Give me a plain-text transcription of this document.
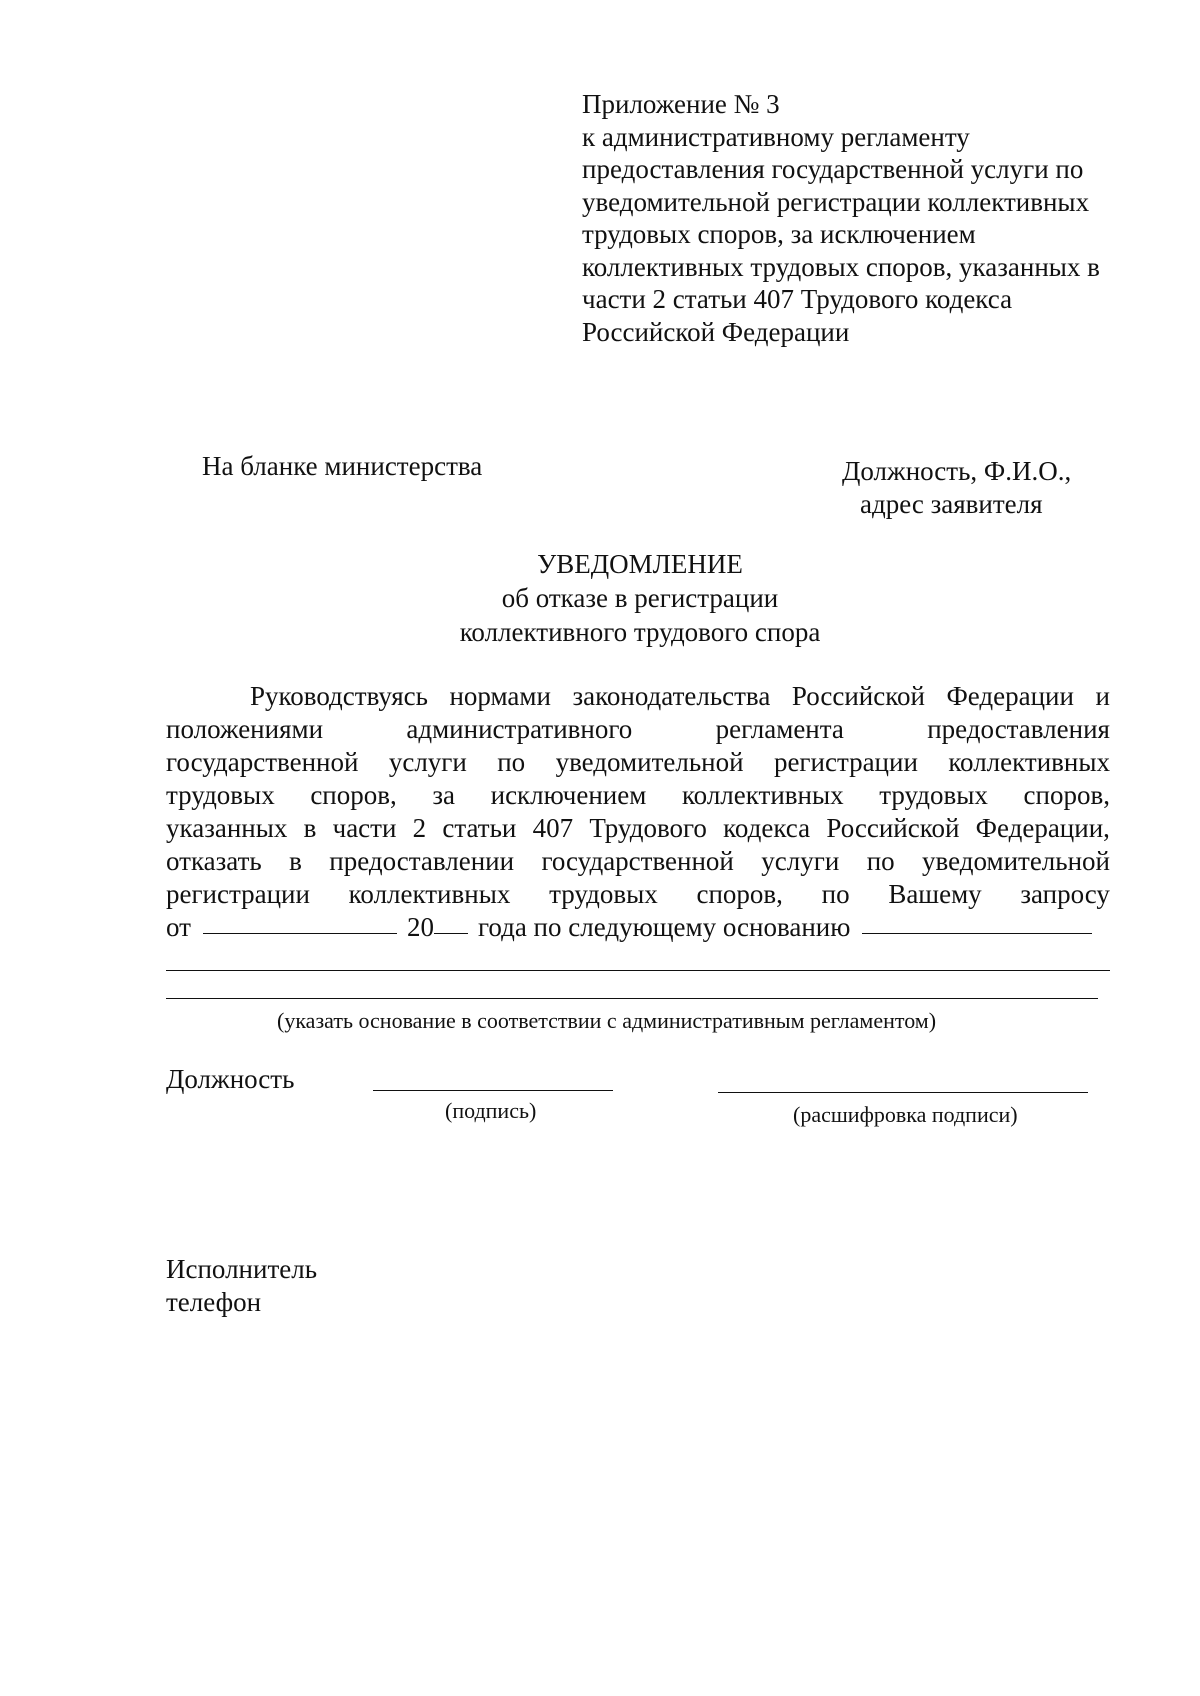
Приложение № 3
к административному регламенту
предоставления государственной услуги по
уведомительной регистрации коллективных
трудовых споров, за исключением
коллективных трудовых споров, указанных в
части 2 статьи 407 Трудового кодекса
Российской Федерации
На бланке министерства	Должность, Ф.И.О.,
адрес заявителя
УВЕДОМЛЕНИЕ
об отказе в регистрации
коллективного трудового спора
Руководствуясь нормами законодательства Российской Федерации и
положениями	административного	регламента	предоставления
государственной услуги по уведомительной регистрации коллективных
трудовых споров, за исключением коллективных трудовых споров,
указанных в части 2 статьи 407 Трудового кодекса Российской Федерации,
отказать в предоставлении государственной услуги по уведомительной
регистрации коллективных трудовых споров, по Вашему запросу
от	20 года по следующему основанию
(указать основание в соответствии с административным регламентом)
Должность
(подпись)	(расшифровка подписи)
Исполнитель
телефон
